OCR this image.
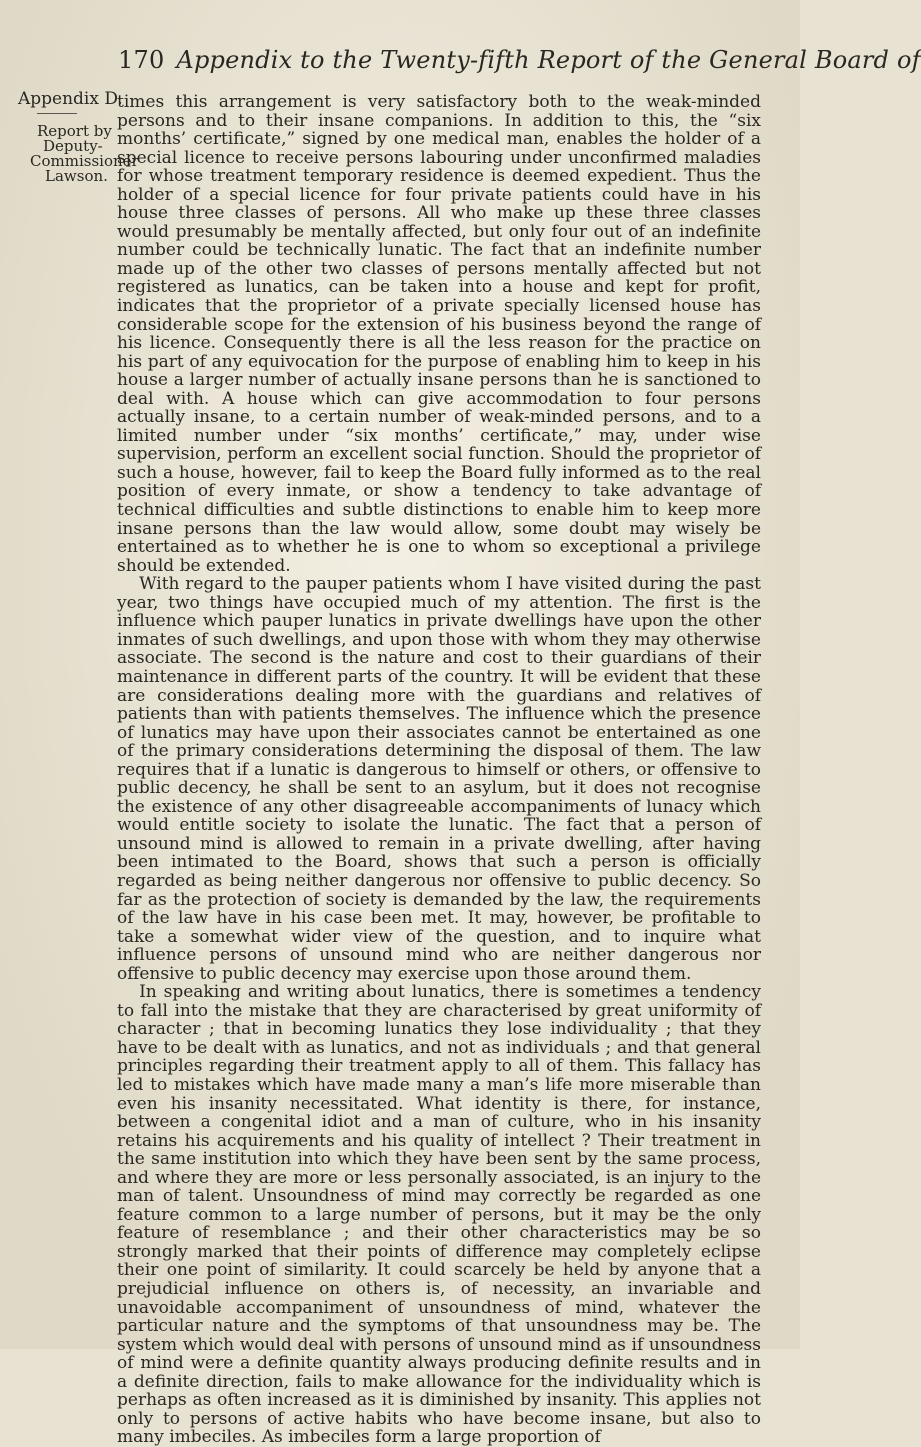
170 Appendix to the Twenty-fifth Report of the General Board of
Appendix D.
Report by
Deputy-
Commissioner
Lawson.

times this arrangement is very satisfactory both to the weak-minded persons and to their insane companions. In addition to this, the “six months’ certificate,” signed by one medical man, enables the holder of a special licence to receive persons labouring under unconfirmed maladies for whose treatment temporary residence is deemed expedient. Thus the holder of a special licence for four private patients could have in his house three classes of persons. All who make up these three classes would presumably be mentally affected, but only four out of an indefinite number could be technically lunatic. The fact that an indefinite number made up of the other two classes of persons mentally affected but not registered as lunatics, can be taken into a house and kept for profit, indicates that the proprietor of a private specially licensed house has considerable scope for the extension of his business beyond the range of his licence. Consequently there is all the less reason for the practice on his part of any equivocation for the purpose of enabling him to keep in his house a larger number of actually insane persons than he is sanctioned to deal with. A house which can give accommodation to four persons actually insane, to a certain number of weak-minded persons, and to a limited number under “six months’ certificate,” may, under wise supervision, perform an excellent social function. Should the proprietor of such a house, however, fail to keep the Board fully informed as to the real position of every inmate, or show a tendency to take advantage of technical difficulties and subtle distinctions to enable him to keep more insane persons than the law would allow, some doubt may wisely be entertained as to whether he is one to whom so exceptional a privilege should be extended.

With regard to the pauper patients whom I have visited during the past year, two things have occupied much of my attention. The first is the influence which pauper lunatics in private dwellings have upon the other inmates of such dwellings, and upon those with whom they may otherwise associate. The second is the nature and cost to their guardians of their maintenance in different parts of the country. It will be evident that these are considerations dealing more with the guardians and relatives of patients than with patients themselves. The influence which the presence of lunatics may have upon their associates cannot be entertained as one of the primary considerations determining the disposal of them. The law requires that if a lunatic is dangerous to himself or others, or offensive to public decency, he shall be sent to an asylum, but it does not recognise the existence of any other disagreeable accompaniments of lunacy which would entitle society to isolate the lunatic. The fact that a person of unsound mind is allowed to remain in a private dwelling, after having been intimated to the Board, shows that such a person is officially regarded as being neither dangerous nor offensive to public decency. So far as the protection of society is demanded by the law, the requirements of the law have in his case been met. It may, however, be profitable to take a somewhat wider view of the question, and to inquire what influence persons of unsound mind who are neither dangerous nor offensive to public decency may exercise upon those around them.

In speaking and writing about lunatics, there is sometimes a tendency to fall into the mistake that they are characterised by great uniformity of character ; that in becoming lunatics they lose individuality ; that they have to be dealt with as lunatics, and not as individuals ; and that general principles regarding their treatment apply to all of them. This fallacy has led to mistakes which have made many a man’s life more miserable than even his insanity necessitated. What identity is there, for instance, between a congenital idiot and a man of culture, who in his insanity retains his acquirements and his quality of intellect ? Their treatment in the same institution into which they have been sent by the same process, and where they are more or less personally associated, is an injury to the man of talent. Unsoundness of mind may correctly be regarded as one feature common to a large number of persons, but it may be the only feature of resemblance ; and their other characteristics may be so strongly marked that their points of difference may completely eclipse their one point of similarity. It could scarcely be held by anyone that a prejudicial influence on others is, of necessity, an invariable and unavoidable accompaniment of unsoundness of mind, whatever the particular nature and the symptoms of that unsoundness may be. The system which would deal with persons of unsound mind as if unsoundness of mind were a definite quantity always producing definite results and in a definite direction, fails to make allowance for the individuality which is perhaps as often increased as it is diminished by insanity. This applies not only to persons of active habits who have become insane, but also to many imbeciles. As imbeciles form a large proportion of
